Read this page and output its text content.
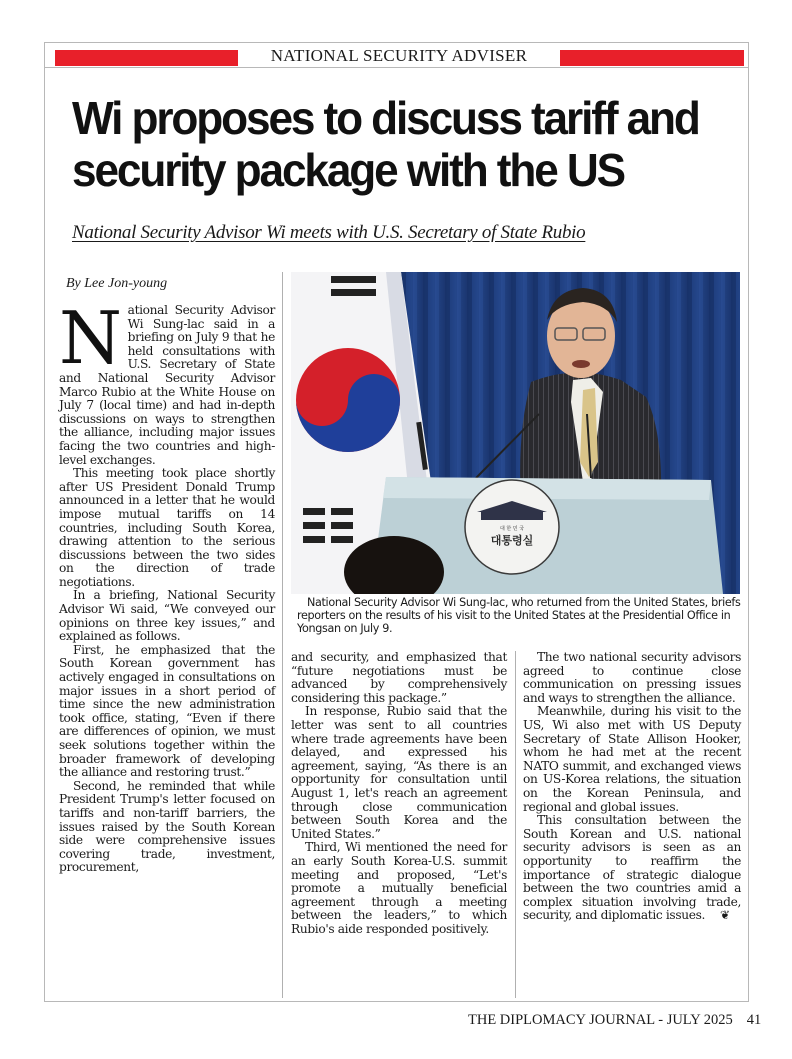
NATIONAL SECURITY ADVISER
Wi proposes to discuss tariff and
security package with the US
National Security Advisor Wi meets with U.S. Secretary of State Rubio
By Lee Jon-young

National Security Advisor Wi Sung-lac said in a briefing on July 9 that he held consultations with U.S. Secretary of State and National Security Advisor Marco Rubio at the White House on July 7 (local time) and had in-depth discussions on ways to strengthen the alliance, including major issues facing the two countries and high-level exchanges.

This meeting took place shortly after US President Donald Trump announced in a letter that he would impose mutual tariffs on 14 countries, including South Korea, drawing attention to the serious discussions between the two sides on the direction of trade negotiations.

In a briefing, National Security Advisor Wi said, “We conveyed our opinions on three key issues,” and explained as follows.

First, he emphasized that the South Korean government has actively engaged in consultations on major issues in a short period of time since the new administration took office, stating, “Even if there are differences of opinion, we must seek solutions together within the broader framework of developing the alliance and restoring trust.”

Second, he reminded that while President Trump's letter focused on tariffs and non-tariff barriers, the issues raised by the South Korean side were comprehensive issues covering trade, investment, procurement,

대 한 민 국
대통령실
National Security Advisor Wi Sung-lac, who returned from the United States, briefs reporters on the results of his visit to the United States at the Presidential Office in Yongsan on July 9.

and security, and emphasized that “future negotiations must be advanced by comprehensively considering this package.”

In response, Rubio said that the letter was sent to all countries where trade agreements have been delayed, and expressed his agreement, saying, “As there is an opportunity for consultation until August 1, let's reach an agreement through close communication between South Korea and the United States.”

Third, Wi mentioned the need for an early South Korea-U.S. summit meeting and proposed, “Let's promote a mutually beneficial agreement through a meeting between the leaders,” to which Rubio's aide responded positively.

The two national security advisors agreed to continue close communication on pressing issues and ways to strengthen the alliance.

Meanwhile, during his visit to the US, Wi also met with US Deputy Secretary of State Allison Hooker, whom he had met at the recent NATO summit, and exchanged views on US-Korea relations, the situation on the Korean Peninsula, and regional and global issues.

This consultation between the South Korean and U.S. national security advisors is seen as an opportunity to reaffirm the importance of strategic dialogue between the two countries amid a complex situation involving trade, security, and diplomatic issues. ❦

THE DIPLOMACY JOURNAL - JULY 2025 41
